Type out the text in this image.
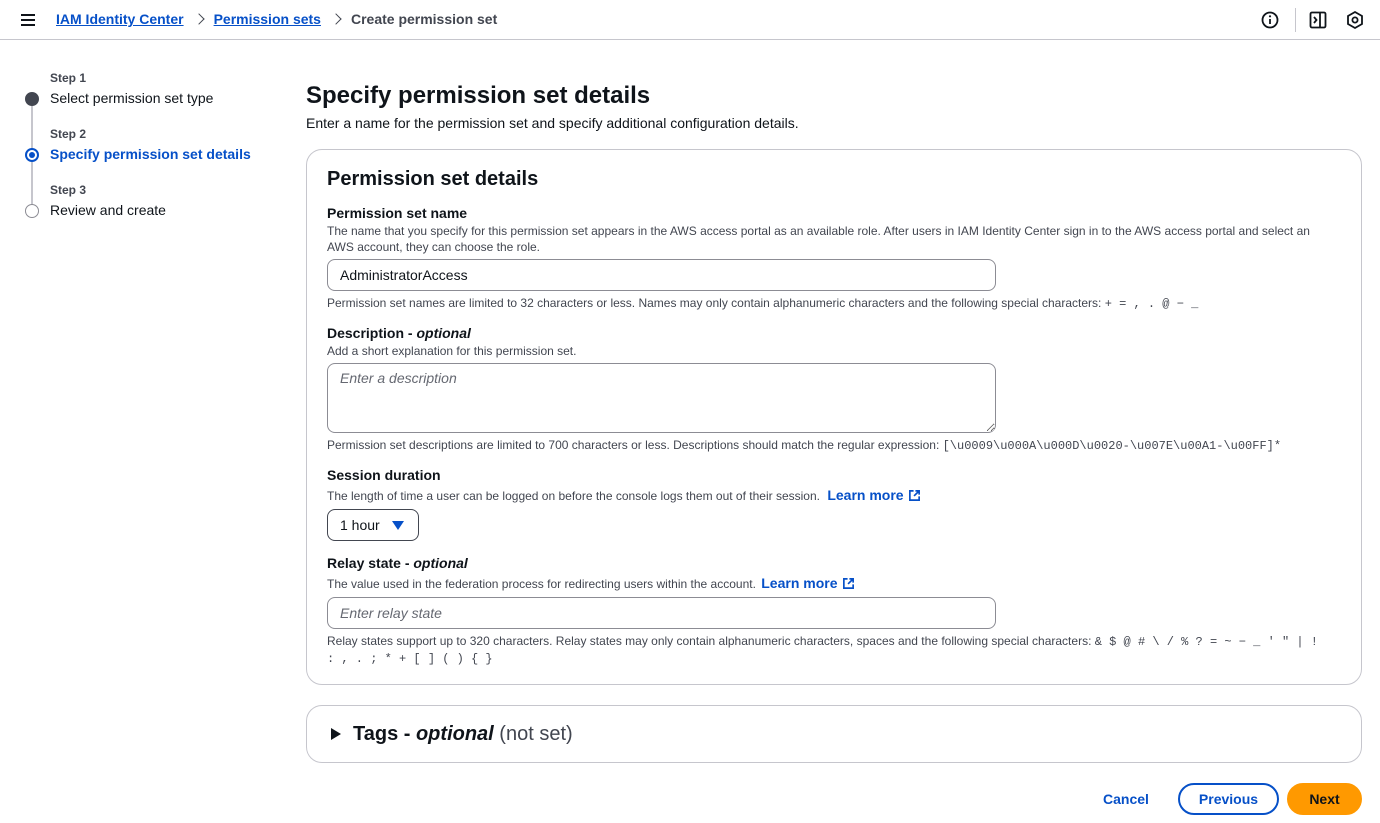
IAM Identity Center Permission sets Create permission set
Step 1
Select permission set type
Step 2
Specify permission set details
Step 3
Review and create
Specify permission set details

Enter a name for the permission set and specify additional configuration details.

Permission set details
Permission set name
The name that you specify for this permission set appears in the AWS access portal as an available role. After users in IAM Identity Center sign in to the AWS access portal and select an
AWS account, they can choose the role.
AdministratorAccess
Permission set names are limited to 32 characters or less. Names may only contain alphanumeric characters and the following special characters: + = , . @ − _
Description - optional
Add a short explanation for this permission set.
Enter a description
Permission set descriptions are limited to 700 characters or less. Descriptions should match the regular expression: [\u0009\u000A\u000D\u0020-\u007E\u00A1-\u00FF]*
Session duration
The length of time a user can be logged on before the console logs them out of their session. Learn more
1 hour
Relay state - optional
The value used in the federation process for redirecting users within the account. Learn more
Enter relay state
Relay states support up to 320 characters. Relay states may only contain alphanumeric characters, spaces and the following special characters: & $ @ # \ / % ? = ~ − _ ' " | !
: , . ; * + [ ] ( ) { }
Tags - optional (not set)
Cancel	Previous	Next
